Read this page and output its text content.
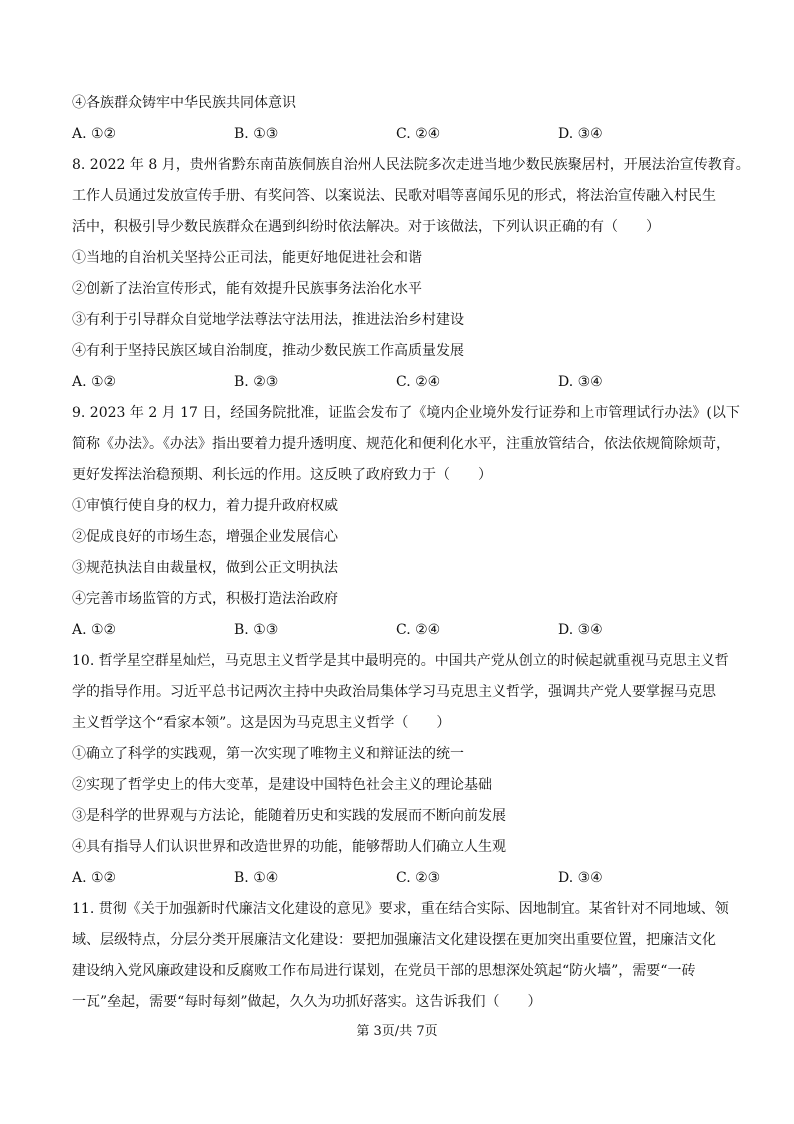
④各族群众铸牢中华民族共同体意识
A. ①②	B. ①③	C. ②④	D. ③④
8. 2022 年 8 月，贵州省黔东南苗族侗族自治州人民法院多次走进当地少数民族聚居村，开展法治宣传教育。
工作人员通过发放宣传手册、有奖问答、以案说法、民歌对唱等喜闻乐见的形式，将法治宣传融入村民生
活中，积极引导少数民族群众在遇到纠纷时依法解决。对于该做法，下列认识正确的有（　　）
①当地的自治机关坚持公正司法，能更好地促进社会和谐
②创新了法治宣传形式，能有效提升民族事务法治化水平
③有利于引导群众自觉地学法尊法守法用法，推进法治乡村建设
④有利于坚持民族区域自治制度，推动少数民族工作高质量发展
A. ①②	B. ②③	C. ②④	D. ③④
9. 2023 年 2 月 17 日，经国务院批准，证监会发布了《境内企业境外发行证券和上市管理试行办法》(以下
简称《办法》。《办法》指出要着力提升透明度、规范化和便利化水平，注重放管结合，依法依规简除烦苛，
更好发挥法治稳预期、利长远的作用。这反映了政府致力于（　　）
①审慎行使自身的权力，着力提升政府权威
②促成良好的市场生态，增强企业发展信心
③规范执法自由裁量权，做到公正文明执法
④完善市场监管的方式，积极打造法治政府
A. ①②	B. ①③	C. ②④	D. ③④
10. 哲学星空群星灿烂，马克思主义哲学是其中最明亮的。中国共产党从创立的时候起就重视马克思主义哲
学的指导作用。习近平总书记两次主持中央政治局集体学习马克思主义哲学，强调共产党人要掌握马克思
主义哲学这个“看家本领”。这是因为马克思主义哲学（　　）
①确立了科学的实践观，第一次实现了唯物主义和辩证法的统一
②实现了哲学史上的伟大变革，是建设中国特色社会主义的理论基础
③是科学的世界观与方法论，能随着历史和实践的发展而不断向前发展
④具有指导人们认识世界和改造世界的功能，能够帮助人们确立人生观
A. ①②	B. ①④	C. ②③	D. ③④
11. 贯彻《关于加强新时代廉洁文化建设的意见》要求，重在结合实际、因地制宜。某省针对不同地域、领
域、层级特点，分层分类开展廉洁文化建设：要把加强廉洁文化建设摆在更加突出重要位置，把廉洁文化
建设纳入党风廉政建设和反腐败工作布局进行谋划，在党员干部的思想深处筑起“防火墙”，需要“一砖
一瓦”垒起，需要“每时每刻”做起，久久为功抓好落实。这告诉我们（　　）
第 3页/共 7页
